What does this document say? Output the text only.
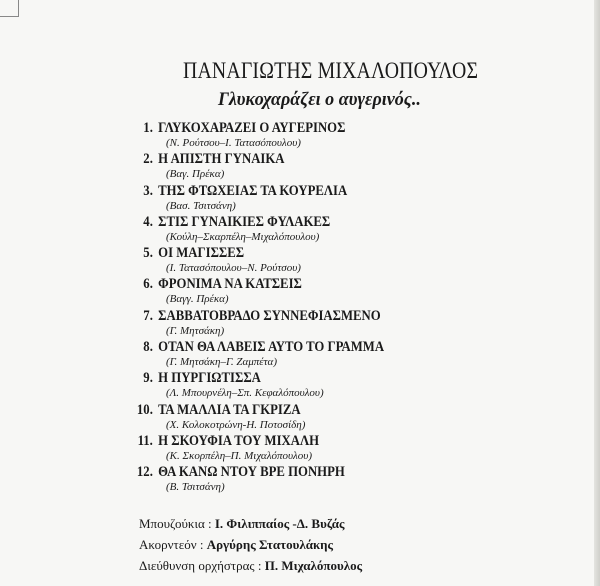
ΠΑΝΑΓΙΩΤΗΣ ΜΙΧΑΛΟΠΟΥΛΟΣ
Γλυκοχαράζει ο αυγερινός..
1. ΓΛΥΚΟΧΑΡΑΖΕΙ Ο ΑΥΓΕΡΙΝΟΣ
(Ν. Ρούτσου–Ι. Τατασόπουλου)
2. Η ΑΠΙΣΤΗ ΓΥΝΑΙΚΑ
(Βαγ. Πρέκα)
3. ΤΗΣ ΦΤΩΧΕΙΑΣ ΤΑ ΚΟΥΡΕΛΙΑ
(Βασ. Τσιτσάνη)
4. ΣΤΙΣ ΓΥΝΑΙΚΙΕΣ ΦΥΛΑΚΕΣ
(Κούλη–Σκαρπέλη–Μιχαλόπουλου)
5. ΟΙ ΜΑΓΙΣΣΕΣ
(Ι. Τατασόπουλου–Ν. Ρούτσου)
6. ΦΡΟΝΙΜΑ ΝΑ ΚΑΤΣΕΙΣ
(Βαγγ. Πρέκα)
7. ΣΑΒΒΑΤΟΒΡΑΔΟ ΣΥΝΝΕΦΙΑΣΜΕΝΟ
(Γ. Μητσάκη)
8. ΟΤΑΝ ΘΑ ΛΑΒΕΙΣ ΑΥΤΟ ΤΟ ΓΡΑΜΜΑ
(Γ. Μητσάκη–Γ. Ζαμπέτα)
9. Η ΠΥΡΓΙΩΤΙΣΣΑ
(Λ. Μπουρνέλη–Σπ. Κεφαλόπουλου)
10. ΤΑ ΜΑΛΛΙΑ ΤΑ ΓΚΡΙΖΑ
(Χ. Κολοκοτρώνη-Η. Ποτοσίδη)
11. Η ΣΚΟΥΦΙΑ ΤΟΥ ΜΙΧΑΛΗ
(Κ. Σκορπέλη–Π. Μιχαλόπουλου)
12. ΘΑ ΚΑΝΩ ΝΤΟΥ ΒΡΕ ΠΟΝΗΡΗ
(Β. Τσιτσάνη)
Μπουζούκια : Ι. Φιλιππαίος -Δ. Βυζάς
Ακορντεόν : Αργύρης Στατουλάκης
Διεύθυνση ορχήστρας : Π. Μιχαλόπουλος
